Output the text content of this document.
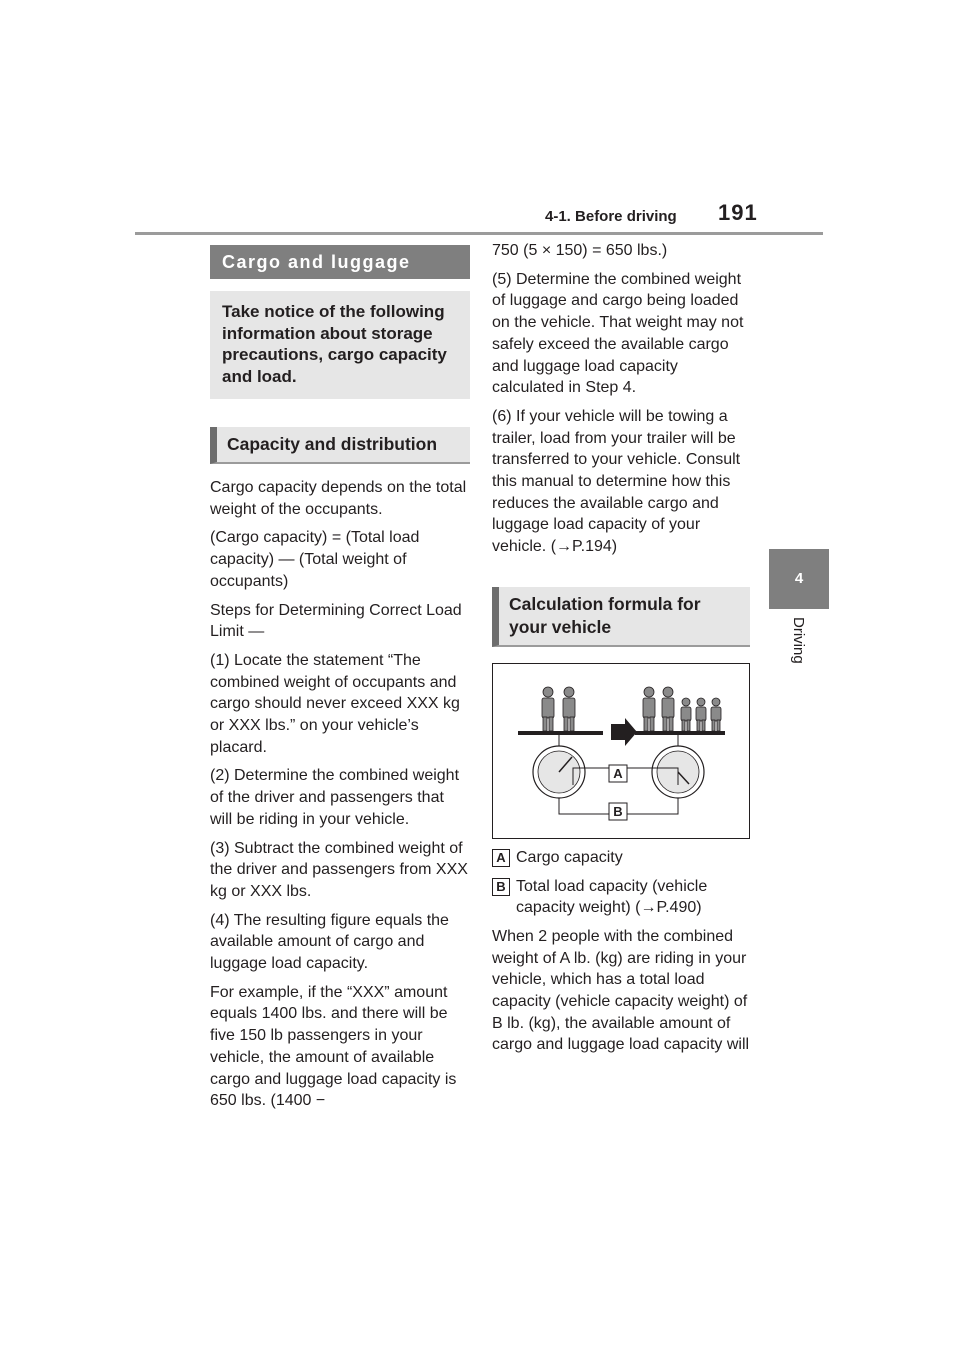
4-1. Before driving 191
4
Driving
Cargo and luggage
Take notice of the following information about storage precautions, cargo capacity and load.
Capacity and distribution

Cargo capacity depends on the total weight of the occupants.

(Cargo capacity) = (Total load capacity) — (Total weight of occupants)

Steps for Determining Correct Load Limit —

(1) Locate the statement “The combined weight of occupants and cargo should never exceed XXX kg or XXX lbs.” on your vehicle’s placard.

(2) Determine the combined weight of the driver and passengers that will be riding in your vehicle.

(3) Subtract the combined weight of the driver and passengers from XXX kg or XXX lbs.

(4) The resulting figure equals the available amount of cargo and luggage load capacity.

For example, if the “XXX” amount equals 1400 lbs. and there will be five 150 lb passengers in your vehicle, the amount of available cargo and luggage load capacity is 650 lbs. (1400 −

750 (5 × 150) = 650 lbs.)

(5) Determine the combined weight of luggage and cargo being loaded on the vehicle. That weight may not safely exceed the available cargo and luggage load capacity calculated in Step 4.

(6) If your vehicle will be towing a trailer, load from your trailer will be transferred to your vehicle. Consult this manual to determine how this reduces the available cargo and luggage load capacity of your vehicle. (→P.194)

Calculation formula for your vehicle
A
B
A Cargo capacity
B Total load capacity (vehicle capacity weight) (→P.490)

When 2 people with the combined weight of A lb. (kg) are riding in your vehicle, which has a total load capacity (vehicle capacity weight) of B lb. (kg), the available amount of cargo and luggage load capacity will
